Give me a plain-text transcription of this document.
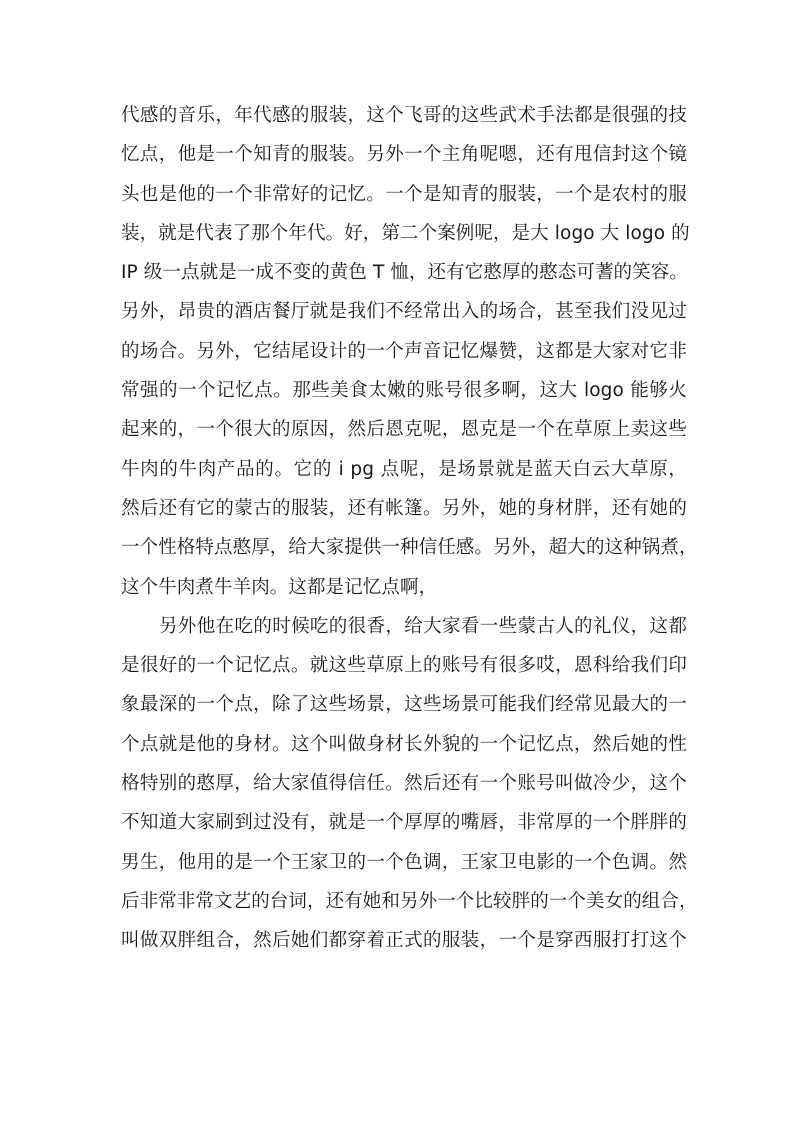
代感的音乐，年代感的服装，这个飞哥的这些武术手法都是很强的技
忆点，他是一个知青的服装。另外一个主角呢嗯，还有甩信封这个镜
头也是他的一个非常好的记忆。一个是知青的服装，一个是农村的服
装，就是代表了那个年代。好，第二个案例呢，是大 logo 大 logo 的
IP 级一点就是一成不变的黄色 T 恤，还有它憨厚的憨态可蓍的笑容。
另外，昂贵的酒店餐厅就是我们不经常出入的场合，甚至我们没见过
的场合。另外，它结尾设计的一个声音记忆爆赞，这都是大家对它非
常强的一个记忆点。那些美食太嫩的账号很多啊，这大 logo 能够火
起来的，一个很大的原因，然后恩克呢，恩克是一个在草原上卖这些
牛肉的牛肉产品的。它的 i pg 点呢，是场景就是蓝天白云大草原，
然后还有它的蒙古的服装，还有帐篷。另外，她的身材胖，还有她的
一个性格特点憨厚，给大家提供一种信任感。另外，超大的这种锅煮，
这个牛肉煮牛羊肉。这都是记忆点啊，
另外他在吃的时候吃的很香，给大家看一些蒙古人的礼仪，这都
是很好的一个记忆点。就这些草原上的账号有很多哎，恩科给我们印
象最深的一个点，除了这些场景，这些场景可能我们经常见最大的一
个点就是他的身材。这个叫做身材长外貌的一个记忆点，然后她的性
格特别的憨厚，给大家值得信任。然后还有一个账号叫做冷少，这个
不知道大家刷到过没有，就是一个厚厚的嘴唇，非常厚的一个胖胖的
男生，他用的是一个王家卫的一个色调，王家卫电影的一个色调。然
后非常非常文艺的台词，还有她和另外一个比较胖的一个美女的组合，
叫做双胖组合，然后她们都穿着正式的服装，一个是穿西服打打这个
